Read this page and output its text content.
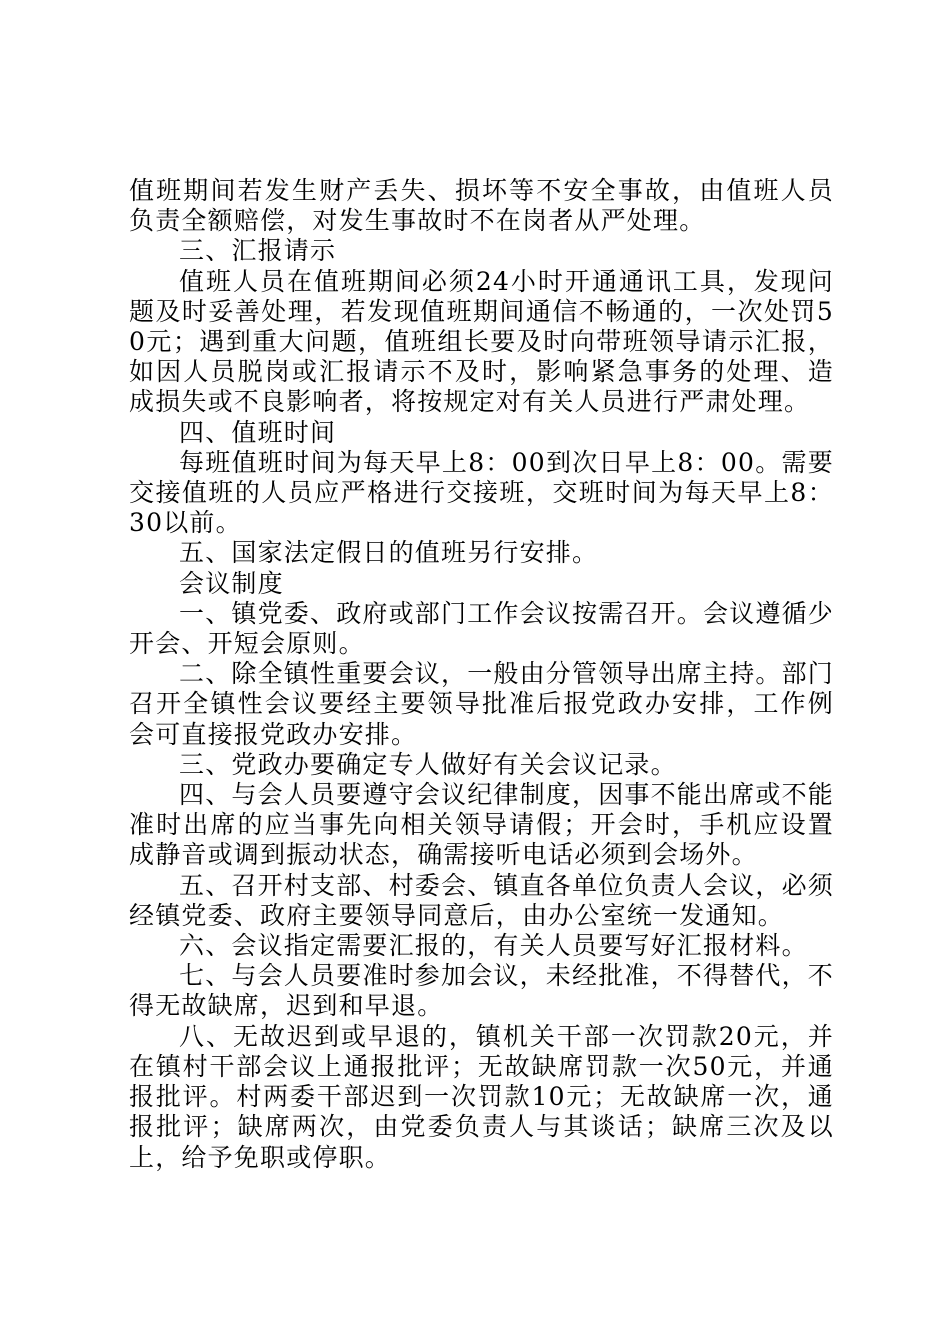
值班期间若发生财产丢失、损坏等不安全事故，由值班人员负责全额赔偿，对发生事故时不在岗者从严处理。

三、汇报请示

值班人员在值班期间必须24小时开通通讯工具，发现问题及时妥善处理，若发现值班期间通信不畅通的，一次处罚50元；遇到重大问题，值班组长要及时向带班领导请示汇报，如因人员脱岗或汇报请示不及时，影响紧急事务的处理、造成损失或不良影响者，将按规定对有关人员进行严肃处理。

四、值班时间

每班值班时间为每天早上8：00到次日早上8：00。需要交接值班的人员应严格进行交接班，交班时间为每天早上8：30以前。

五、国家法定假日的值班另行安排。

会议制度

一、镇党委、政府或部门工作会议按需召开。会议遵循少开会、开短会原则。

二、除全镇性重要会议，一般由分管领导出席主持。部门召开全镇性会议要经主要领导批准后报党政办安排，工作例会可直接报党政办安排。

三、党政办要确定专人做好有关会议记录。

四、与会人员要遵守会议纪律制度，因事不能出席或不能准时出席的应当事先向相关领导请假；开会时，手机应设置成静音或调到振动状态，确需接听电话必须到会场外。

五、召开村支部、村委会、镇直各单位负责人会议，必须经镇党委、政府主要领导同意后，由办公室统一发通知。

六、会议指定需要汇报的，有关人员要写好汇报材料。

七、与会人员要准时参加会议，未经批准，不得替代，不得无故缺席，迟到和早退。

八、无故迟到或早退的，镇机关干部一次罚款20元，并在镇村干部会议上通报批评；无故缺席罚款一次50元，并通报批评。村两委干部迟到一次罚款10元；无故缺席一次，通报批评；缺席两次，由党委负责人与其谈话；缺席三次及以上，给予免职或停职。
